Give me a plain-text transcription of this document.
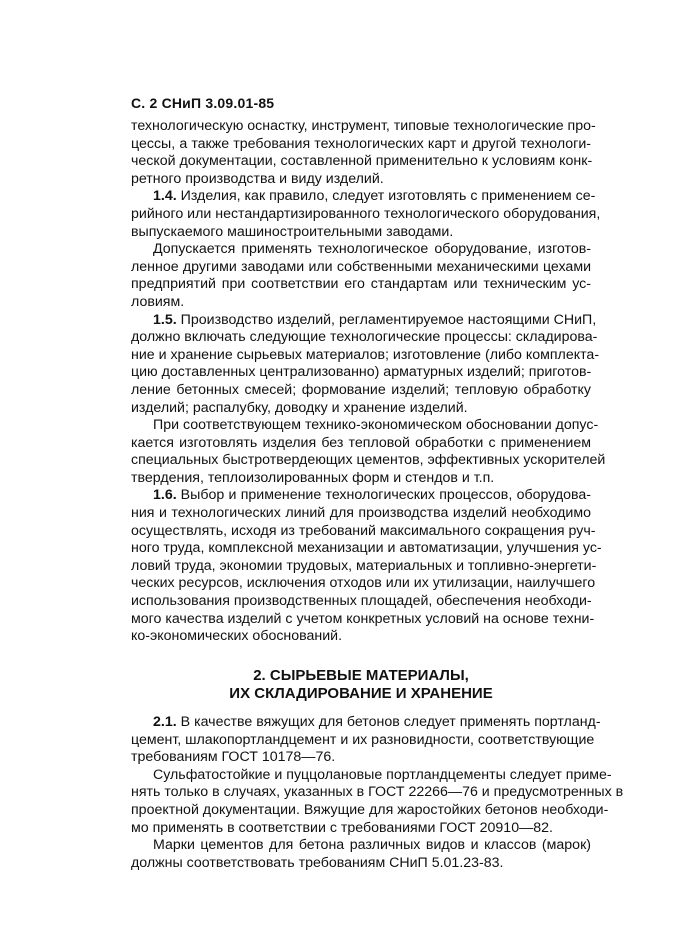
С. 2 СНиП 3.09.01-85
технологическую оснастку, инструмент, типовые технологические про-
цессы, а также требования технологических карт и другой технологи-
ческой документации, составленной применительно к условиям конк-
ретного производства и виду изделий.
1.4. Изделия, как правило, следует изготовлять с применением се-
рийного или нестандартизированного технологического оборудования,
выпускаемого машиностроительными заводами.
Допускается применять технологическое оборудование, изготов-
ленное другими заводами или собственными механическими цехами
предприятий при соответствии его стандартам или техническим ус-
ловиям.
1.5. Производство изделий, регламентируемое настоящими СНиП,
должно включать следующие технологические процессы: складирова-
ние и хранение сырьевых материалов; изготовление (либо комплекта-
цию доставленных централизованно) арматурных изделий; приготов-
ление бетонных смесей; формование изделий; тепловую обработку
изделий; распалубку, доводку и хранение изделий.
При соответствующем технико-экономическом обосновании допус-
кается изготовлять изделия без тепловой обработки с применением
специальных быстротвердеющих цементов, эффективных ускорителей
твердения, теплоизолированных форм и стендов и т.п.
1.6. Выбор и применение технологических процессов, оборудова-
ния и технологических линий для производства изделий необходимо
осуществлять, исходя из требований максимального сокращения руч-
ного труда, комплексной механизации и автоматизации, улучшения ус-
ловий труда, экономии трудовых, материальных и топливно-энергети-
ческих ресурсов, исключения отходов или их утилизации, наилучшего
использования производственных площадей, обеспечения необходи-
мого качества изделий с учетом конкретных условий на основе техни-
ко-экономических обоснований.
2. СЫРЬЕВЫЕ МАТЕРИАЛЫ,
ИХ СКЛАДИРОВАНИЕ И ХРАНЕНИЕ
2.1. В качестве вяжущих для бетонов следует применять портланд-
цемент, шлакопортландцемент и их разновидности, соответствующие
требованиям ГОСТ 10178—76.
Сульфатостойкие и пуццолановые портландцементы следует приме-
нять только в случаях, указанных в ГОСТ 22266—76 и предусмотренных в
проектной документации. Вяжущие для жаростойких бетонов необходи-
мо применять в соответствии с требованиями ГОСТ 20910—82.
Марки цементов для бетона различных видов и классов (марок)
должны соответствовать требованиям СНиП 5.01.23-83.
